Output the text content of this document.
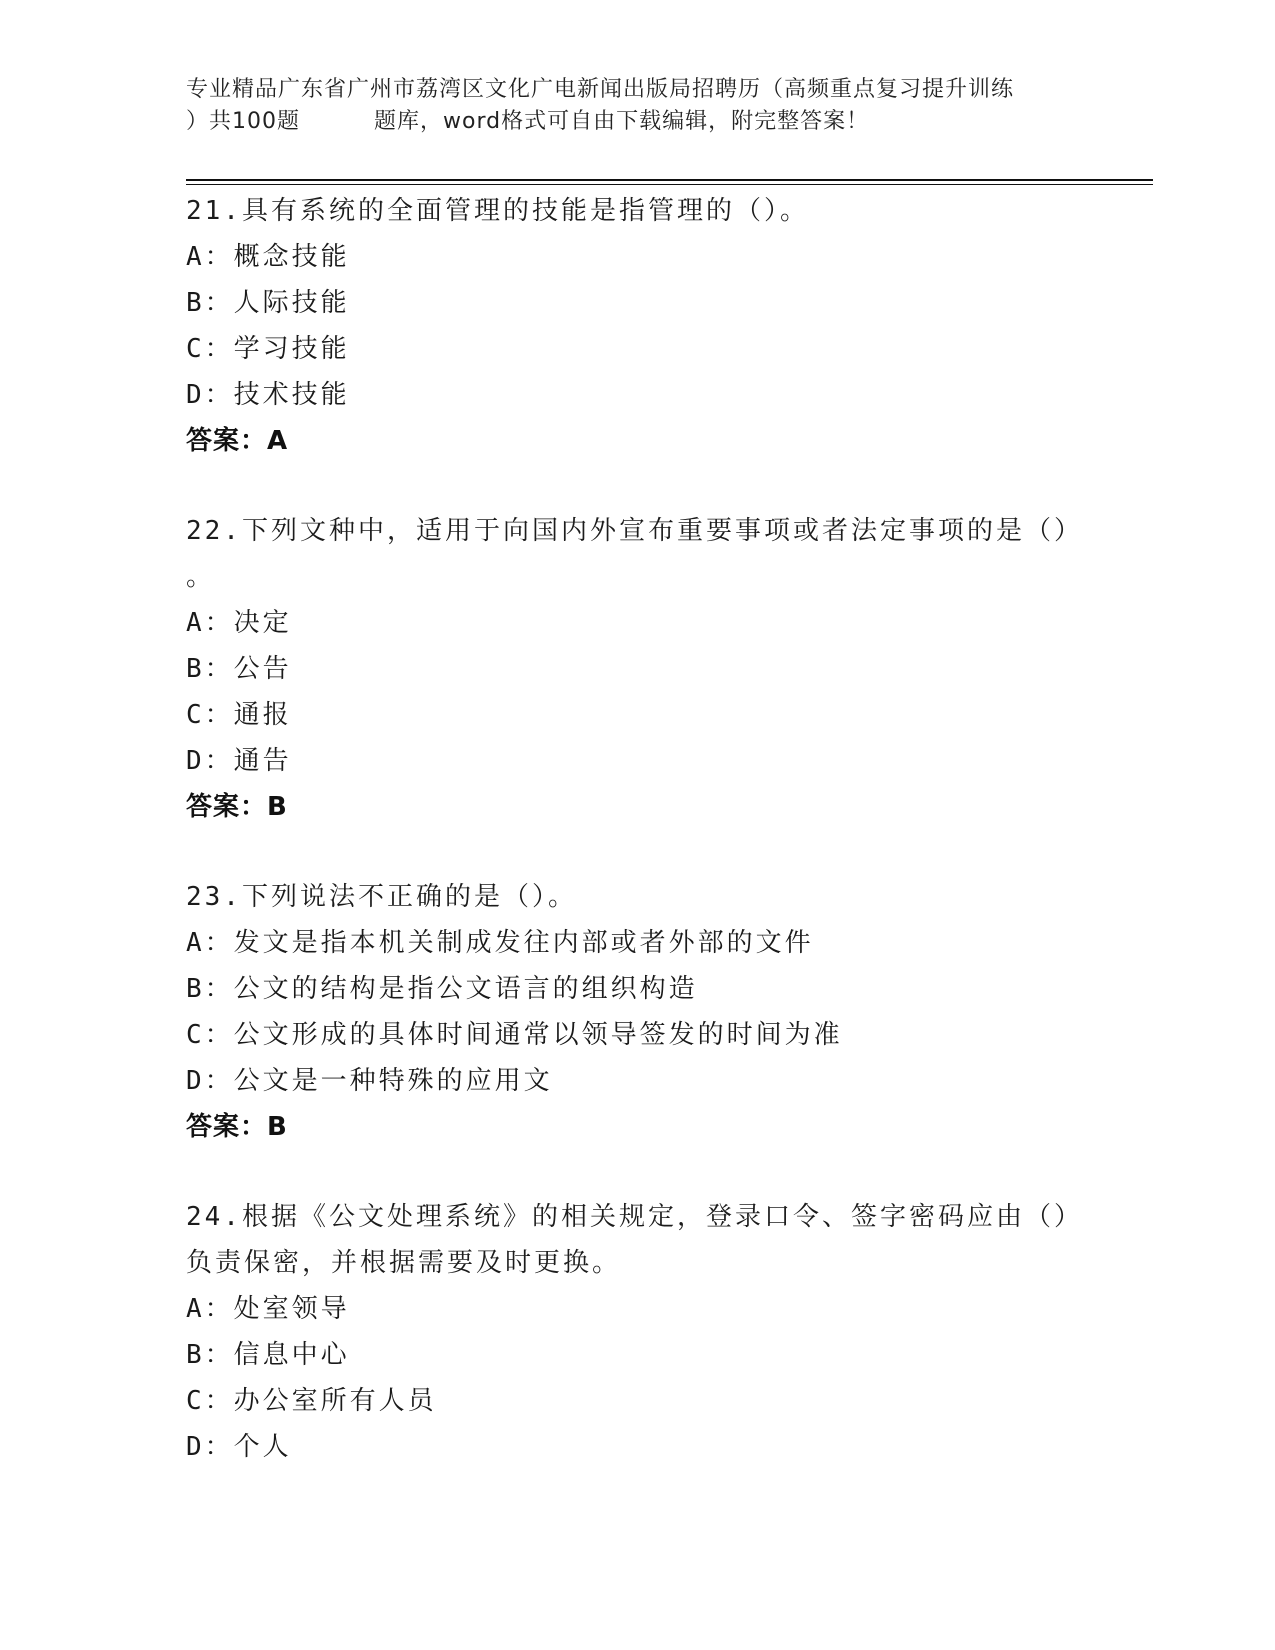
专业精品广东省广州市荔湾区文化广电新闻出版局招聘历（高频重点复习提升训练
）共100题	题库，word格式可自由下载编辑，附完整答案！
21.具有系统的全面管理的技能是指管理的（）。
A：概念技能
B：人际技能
C：学习技能
D：技术技能
答案：A
22.下列文种中，适用于向国内外宣布重要事项或者法定事项的是（）
。
A：决定
B：公告
C：通报
D：通告
答案：B
23.下列说法不正确的是（）。
A：发文是指本机关制成发往内部或者外部的文件
B：公文的结构是指公文语言的组织构造
C：公文形成的具体时间通常以领导签发的时间为准
D：公文是一种特殊的应用文
答案：B
24.根据《公文处理系统》的相关规定，登录口令、签字密码应由（）
负责保密，并根据需要及时更换。
A：处室领导
B：信息中心
C：办公室所有人员
D：个人
